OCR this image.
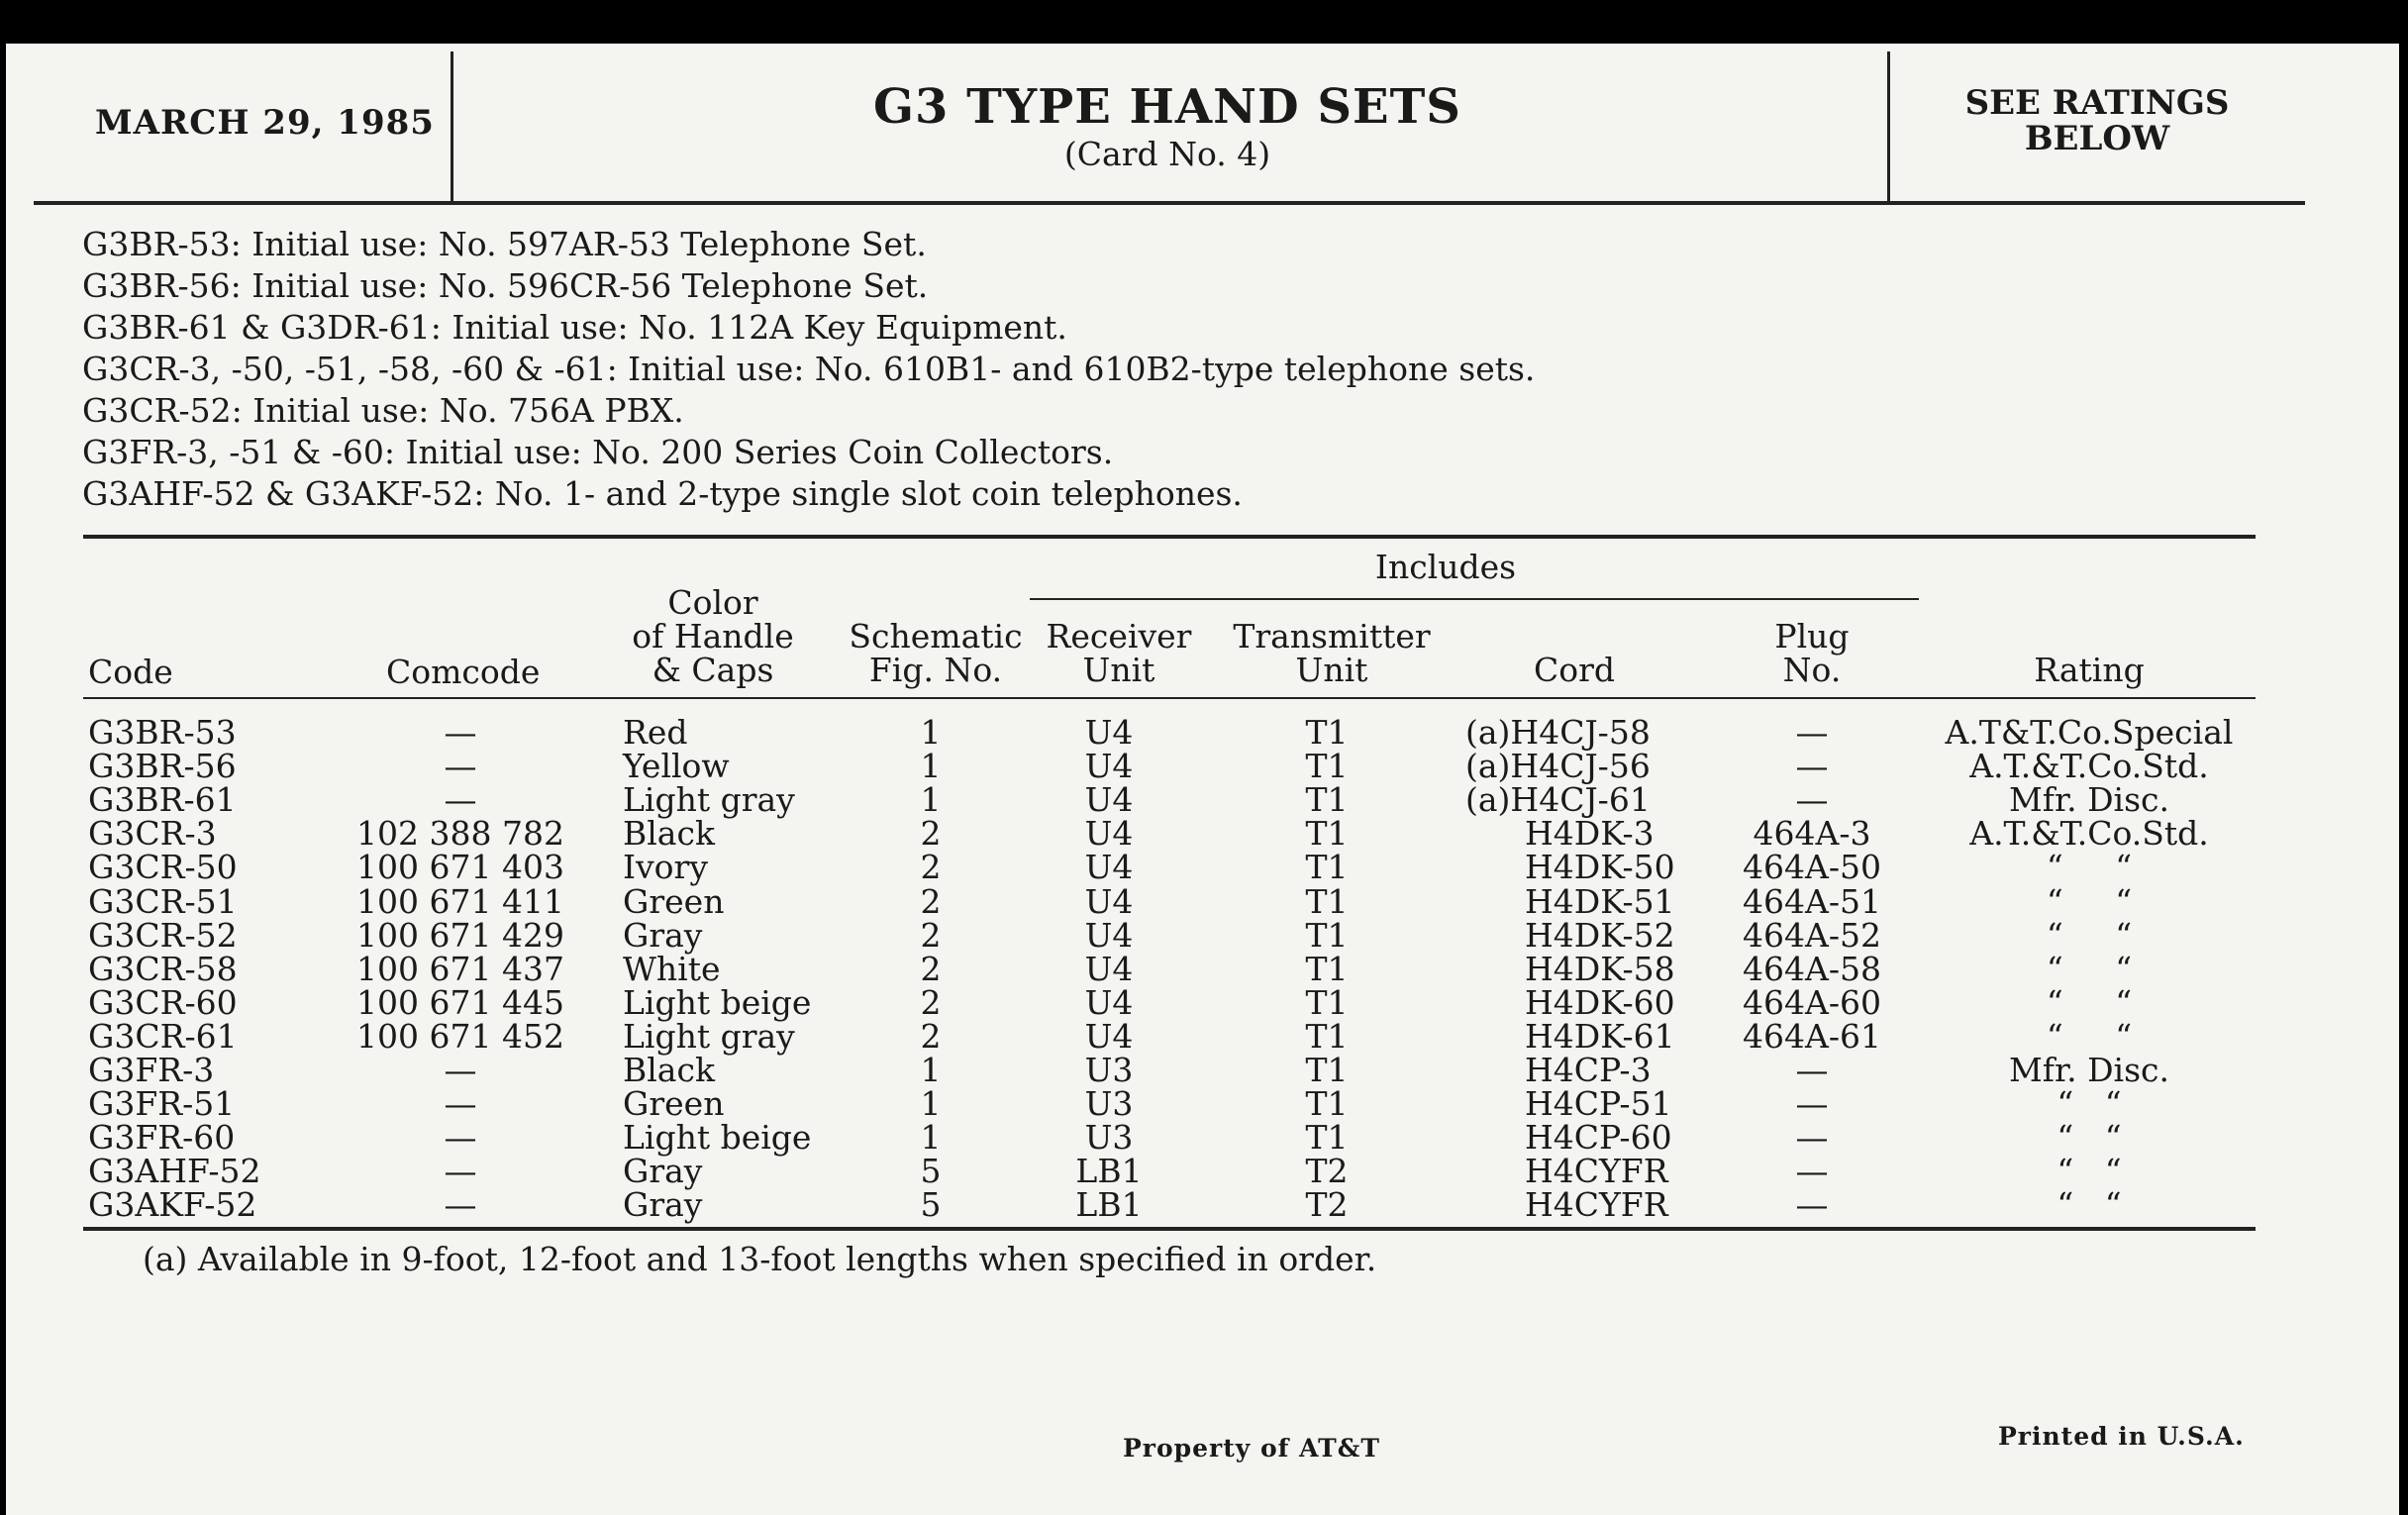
MARCH 29, 1985	G3 TYPE HAND SETS
(Card No. 4)
SEE RATINGS
BELOW
G3BR-53: Initial use: No. 597AR-53 Telephone Set.
G3BR-56: Initial use: No. 596CR-56 Telephone Set.
G3BR-61 & G3DR-61: Initial use: No. 112A Key Equipment.
G3CR-3, -50, -51, -58, -60 & -61: Initial use: No. 610B1- and 610B2-type telephone sets.
G3CR-52: Initial use: No. 756A PBX.
G3FR-3, -51 & -60: Initial use: No. 200 Series Coin Collectors.
G3AHF-52 & G3AKF-52: No. 1- and 2-type single slot coin telephones.
Includes
Code	Comcode
Color
of Handle
& Caps
Schematic
Fig. No.
Receiver
Unit
Transmitter
Unit	Cord
Plug
No.	Rating
G3BR-53	—	Red	1	U4	T1	(a)H4CJ-58	—	A.T&T.Co.Special
G3BR-56	—	Yellow	1	U4	T1	(a)H4CJ-56	—	A.T.&T.Co.Std.
G3BR-61	—	Light gray	1	U4	T1	(a)H4CJ-61	—	Mfr. Disc.
G3CR-3	102 388 782 Black	2	U4	T1	H4DK-3	464A-3	A.T.&T.Co.Std.
G3CR-50	100 671 403 Ivory	2	U4	T1	H4DK-50	464A-50	“     “
G3CR-51	100 671 411 Green	2	U4	T1	H4DK-51	464A-51	“     “
G3CR-52	100 671 429 Gray	2	U4	T1	H4DK-52	464A-52	“     “
G3CR-58	100 671 437 White	2	U4	T1	H4DK-58	464A-58	“     “
G3CR-60	100 671 445 Light beige	2	U4	T1	H4DK-60	464A-60	“     “
G3CR-61	100 671 452 Light gray	2	U4	T1	H4DK-61	464A-61	“     “
G3FR-3	—	Black	1	U3	T1	H4CP-3	—	Mfr. Disc.
G3FR-51	—	Green	1	U3	T1	H4CP-51	—	“   “
G3FR-60	—	Light beige	1	U3	T1	H4CP-60	—	“   “
G3AHF-52	—	Gray	5	LB1	T2	H4CYFR	—	“   “
G3AKF-52	—	Gray	5	LB1	T2	H4CYFR	—	“   “
(a) Available in 9-foot, 12-foot and 13-foot lengths when specified in order.
Property of AT&T	Printed in U.S.A.
